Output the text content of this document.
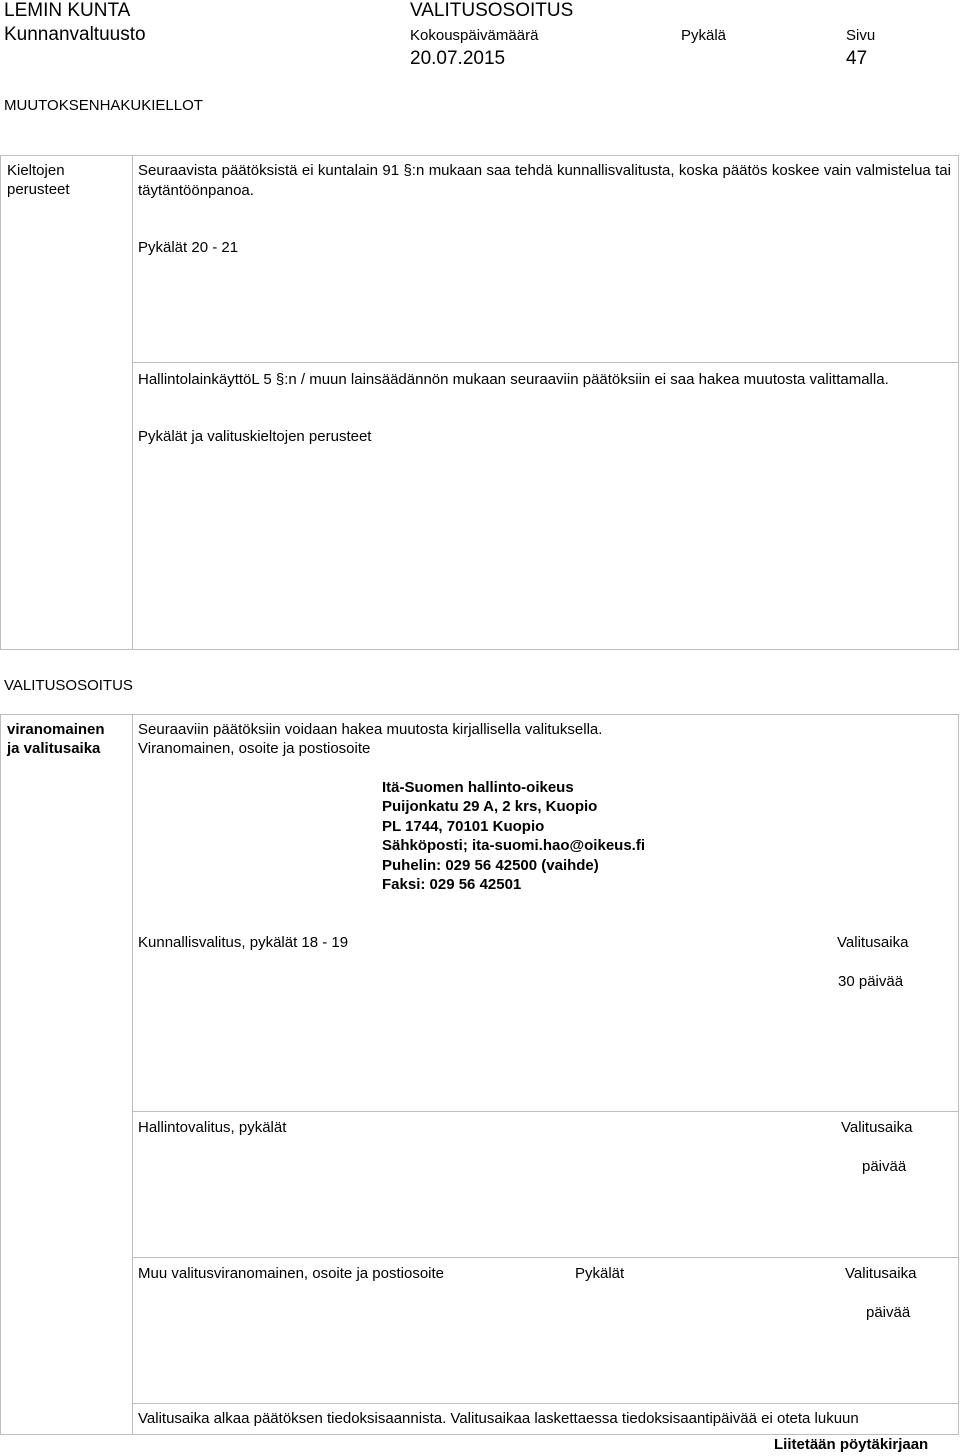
LEMIN KUNTA
Kunnanvaltuusto
VALITUSOSOITUS
Kokouspäivämäärä
20.07.2015
Pykälä	Sivu
47
MUUTOKSENHAKUKIELLOT
Kieltojen
perusteet
Seuraavista päätöksistä ei kuntalain 91 §:n mukaan saa tehdä kunnallisvalitusta, koska päätös koskee vain valmistelua tai täytäntöönpanoa.
Pykälät 20 - 21
HallintolainkäyttöL 5 §:n / muun lainsäädännön mukaan seuraaviin päätöksiin ei saa hakea muutosta valittamalla.
Pykälät ja valituskieltojen perusteet
VALITUSOSOITUS
viranomainen
ja valitusaika
Seuraaviin päätöksiin voidaan hakea muutosta kirjallisella valituksella.
Viranomainen, osoite ja postiosoite
Itä-Suomen hallinto-oikeus
Puijonkatu 29 A, 2 krs, Kuopio
PL 1744, 70101 Kuopio
Sähköposti; ita-suomi.hao@oikeus.fi
Puhelin: 029 56 42500 (vaihde)
Faksi: 029 56 42501
Kunnallisvalitus, pykälät 18 - 19	Valitusaika
30 päivää
Hallintovalitus, pykälät	Valitusaika
päivää
Muu valitusviranomainen, osoite ja postiosoite	Pykälät	Valitusaika
päivää
Valitusaika alkaa päätöksen tiedoksisaannista. Valitusaikaa laskettaessa tiedoksisaantipäivää ei oteta lukuun
Liitetään pöytäkirjaan
